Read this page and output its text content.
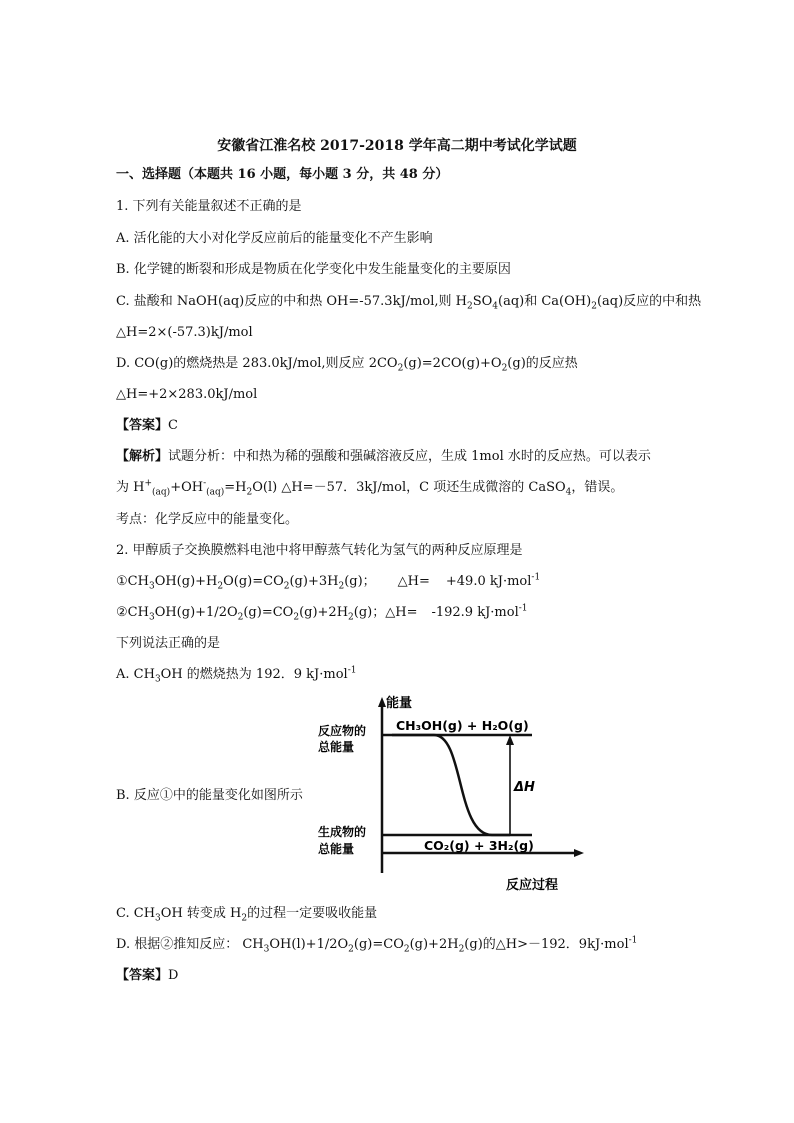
安徽省江淮名校 2017-2018 学年高二期中考试化学试题
一、选择题（本题共 16 小题，每小题 3 分，共 48 分）
1. 下列有关能量叙述不正确的是
A. 活化能的大小对化学反应前后的能量变化不产生影响
B. 化学键的断裂和形成是物质在化学变化中发生能量变化的主要原因
C. 盐酸和 NaOH(aq)反应的中和热 OH=-57.3kJ/mol,则 $H_2SO_4(aq)$和 $Ca(OH)_2(aq)$反应的中和热
△H=2×(-57.3)kJ/mol
D. CO(g)的燃烧热是 283.0kJ/mol,则反应 $2CO_2(g)=2CO(g)+O_2(g)$的反应热
△H=+2×283.0kJ/mol
【答案】C
【解析】试题分析：中和热为稀的强酸和强碱溶液反应，生成 1mol 水时的反应热。可以表示
为 $H^+_{(aq)}+OH^-_{(aq)}=H_2O(l)$ △H=－57．3kJ/mol，C 项还生成微溶的 CaSO$_4$，错误。
考点：化学反应中的能量变化。
2. 甲醇质子交换膜燃料电池中将甲醇蒸气转化为氢气的两种反应原理是
$①CH_3OH(g)+H_2O(g)=CO_2(g)+3H_2(g)$； △H= +49.0 kJ·mol$^{-1}$
$②CH_3OH(g)+1/2O_2(g)=CO_2(g)+2H_2(g)$；△H= -192.9 kJ·mol$^{-1}$
下列说法正确的是
A. $CH_3OH$ 的燃烧热为 192．9 kJ·mol$^{-1}$
B. 反应①中的能量变化如图所示
能量
反应物的
总能量
CH₃OH(g) + H₂O(g)
ΔH
生成物的
总能量	CO₂(g) + 3H₂(g)
反应过程
C. $CH_3OH$ 转变成 $H_2$的过程一定要吸收能量
D. 根据②推知反应： $CH_3OH(l)+1/2O_2(g)=CO_2(g)+2H_2(g)$的△H>－192．9kJ·mol$^{-1}$
【答案】D
